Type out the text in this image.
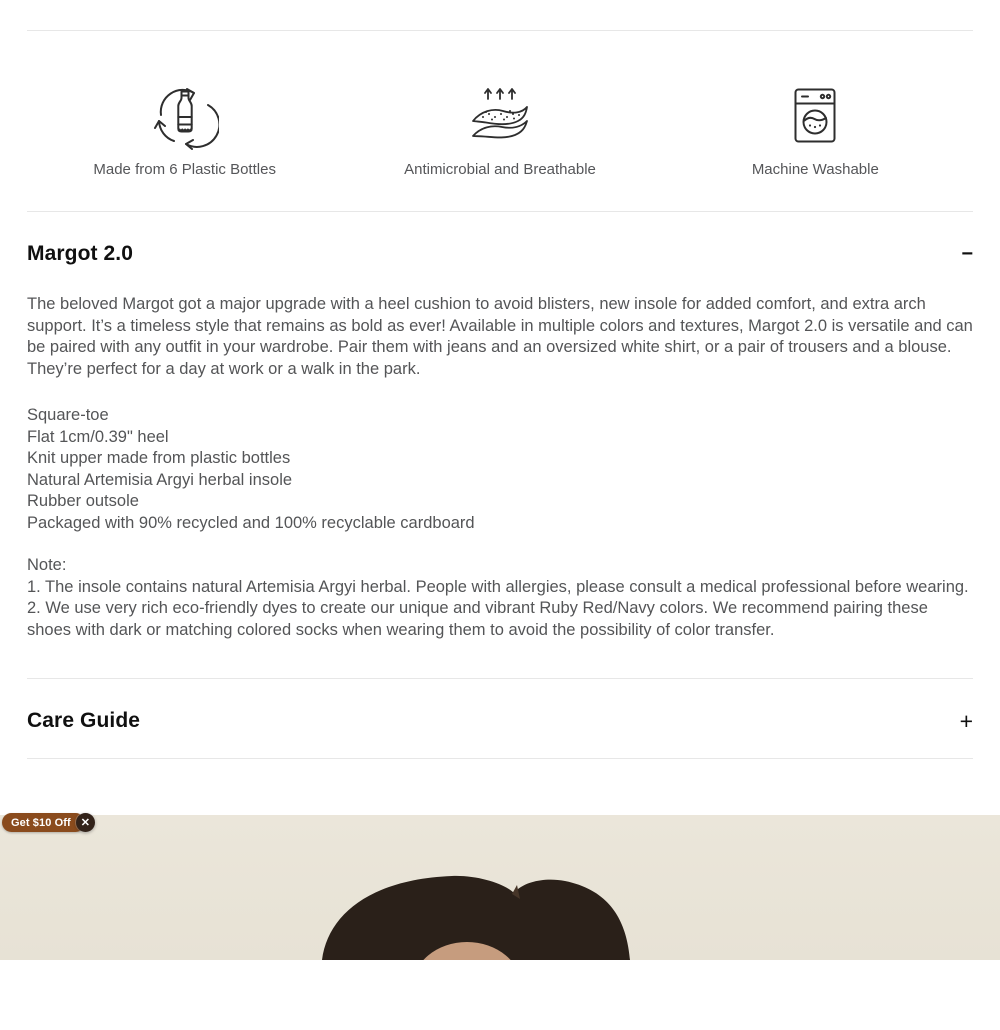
Made from 6 Plastic Bottles	Antimicrobial and Breathable	Machine Washable
Margot 2.0	−

The beloved Margot got a major upgrade with a heel cushion to avoid blisters, new insole for added comfort, and extra arch support. It’s a timeless style that remains as bold as ever! Available in multiple colors and textures, Margot 2.0 is versatile and can be paired with any outfit in your wardrobe. Pair them with jeans and an oversized white shirt, or a pair of trousers and a blouse. They’re perfect for a day at work or a walk in the park.

Square-toe
Flat 1cm/0.39" heel
Knit upper made from plastic bottles
Natural Artemisia Argyi herbal insole
Rubber outsole
Packaged with 90% recycled and 100% recyclable cardboard
Note:
1. The insole contains natural Artemisia Argyi herbal. People with allergies, please consult a medical professional before wearing.
2. We use very rich eco-friendly dyes to create our unique and vibrant Ruby Red/Navy colors. We recommend pairing these shoes with dark or matching colored socks when wearing them to avoid the possibility of color transfer.
Care Guide	+
Get $10 Off ✕
